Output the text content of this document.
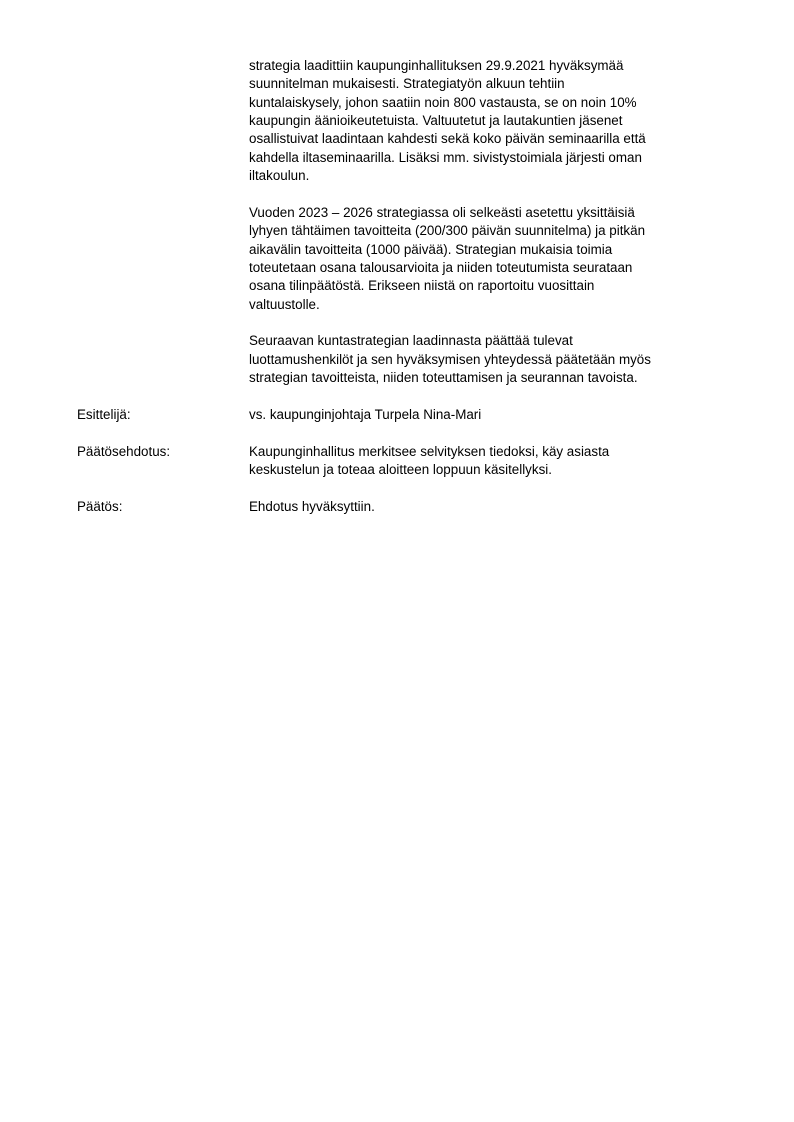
strategia laadittiin kaupunginhallituksen 29.9.2021 hyväksymää
suunnitelman mukaisesti. Strategiatyön alkuun tehtiin
kuntalaiskysely, johon saatiin noin 800 vastausta, se on noin 10%
kaupungin äänioikeutetuista. Valtuutetut ja lautakuntien jäsenet
osallistuivat laadintaan kahdesti sekä koko päivän seminaarilla että
kahdella iltaseminaarilla. Lisäksi mm. sivistystoimiala järjesti oman
iltakoulun.
Vuoden 2023 – 2026 strategiassa oli selkeästi asetettu yksittäisiä
lyhyen tähtäimen tavoitteita (200/300 päivän suunnitelma) ja pitkän
aikavälin tavoitteita (1000 päivää). Strategian mukaisia toimia
toteutetaan osana talousarvioita ja niiden toteutumista seurataan
osana tilinpäätöstä. Erikseen niistä on raportoitu vuosittain
valtuustolle.
Seuraavan kuntastrategian laadinnasta päättää tulevat
luottamushenkilöt ja sen hyväksymisen yhteydessä päätetään myös
strategian tavoitteista, niiden toteuttamisen ja seurannan tavoista.
Esittelijä:	vs. kaupunginjohtaja Turpela Nina-Mari
Päätösehdotus:	Kaupunginhallitus merkitsee selvityksen tiedoksi, käy asiasta
keskustelun ja toteaa aloitteen loppuun käsitellyksi.
Päätös:	Ehdotus hyväksyttiin.
